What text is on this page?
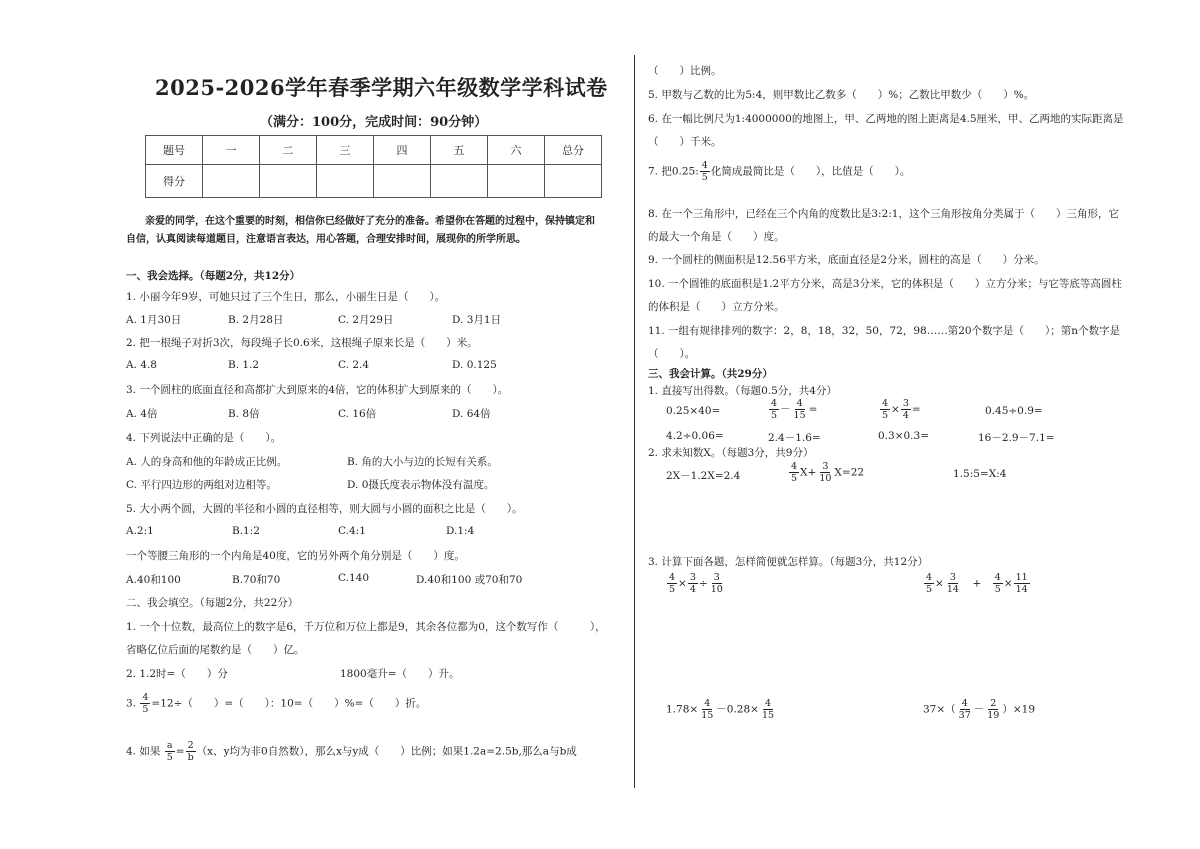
2025-2026学年春季学期六年级数学学科试卷
（满分：100分，完成时间：90分钟）
题号	一	二	三	四	五	六	总分
得分							
亲爱的同学，在这个重要的时刻，相信你已经做好了充分的准备。希望你在答题的过程中，保持镇定和
自信，认真阅读每道题目，注意语言表达，用心答题，合理安排时间，展现你的所学所思。
一、我会选择。（每题2分，共12分）
1. 小丽今年9岁，可她只过了三个生日，那么，小丽生日是（　　）。
A. 1月30日	B. 2月28日	C. 2月29日	D. 3月1日
2. 把一根绳子对折3次，每段绳子长0.6米，这根绳子原来长是（　　）米。
A. 4.8	B. 1.2	C. 2.4	D. 0.125
3. 一个圆柱的底面直径和高都扩大到原来的4倍，它的体积扩大到原来的（　　）。
A. 4倍	B. 8倍	C. 16倍	D. 64倍
4. 下列说法中正确的是（　　）。
A. 人的身高和他的年龄成正比例。	B. 角的大小与边的长短有关系。
C. 平行四边形的两组对边相等。	D. 0摄氏度表示物体没有温度。
5. 大小两个圆，大圆的半径和小圆的直径相等，则大圆与小圆的面积之比是（　　）。
A.2:1	B.1:2	C.4:1	D.1:4
一个等腰三角形的一个内角是40度，它的另外两个角分别是（　　）度。
A.40和100	B.70和70	C.140	D.40和100 或70和70
二、我会填空。（每题2分，共22分）
1. 一个十位数，最高位上的数字是6，千万位和万位上都是9，其余各位都为0，这个数写作（　　　），
省略亿位后面的尾数约是（　　）亿。
2. 1.2时=（　　）分	1800毫升=（　　）升。
3. $\frac{4}{5} =12\div$（　　）=（　　）：10=（　　）%=（　　）折。
4. 如果 $\frac{a}{5} = \frac{2}{b} (x$、y均为非0自然数），那么x与y成（　　）比例；如果1.2a=2.5b,那么a与b成
（　　）比例。
5. 甲数与乙数的比为5:4，则甲数比乙数多（　　）%；乙数比甲数少（　　）%。
6. 在一幅比例尺为1:4000000的地图上，甲、乙两地的图上距离是4.5厘米，甲、乙两地的实际距离是
（　　）千米。
7. 把0.25: $\frac{4}{5}$ 化简成最简比是（　　），比值是（　　）。
8. 在一个三角形中，已经在三个内角的度数比是3:2:1，这个三角形按角分类属于（　　）三角形，它
的最大一个角是（　　）度。
9. 一个圆柱的侧面积是12.56平方米，底面直径是2分米，圆柱的高是（　　）分米。
10. 一个圆锥的底面积是1.2平方分米，高是3分米，它的体积是（　　）立方分米；与它等底等高圆柱
的体积是（　　）立方分米。
11. 一组有规律排列的数字：2，8，18，32，50，72，98……第20个数字是（　　）；第n个数字是
（　　）。
三、我会计算。（共29分）
1. 直接写出得数。（每题0.5分，共4分）
0.25×40=	$\frac{4}{5} - \frac{4}{15}$ =	$\frac{4}{5} \times \frac{3}{4}$ =	0.45÷0.9=
4.2÷0.06=	2.4－1.6=	0.3×0.3=	16－2.9－7.1=
2. 求未知数X。（每题3分，共9分）
2X－1.2X=2.4	$\frac{4}{5} X+ \frac{3}{10} X=22$	1.5:5=X:4
3. 计算下面各题，怎样简便就怎样算。（每题3分，共12分）
$\frac{4}{5} \times \frac{3}{4} \div \frac{3}{10}$	$\frac{4}{5} \times \frac{3}{14}$ 　+　 $\frac{4}{5} \times \frac{11}{14}$
$1.78\times \frac{4}{15} -0.28\times \frac{4}{15}$	$37\times( \frac{4}{37} - \frac{2}{19} )\times 19$
